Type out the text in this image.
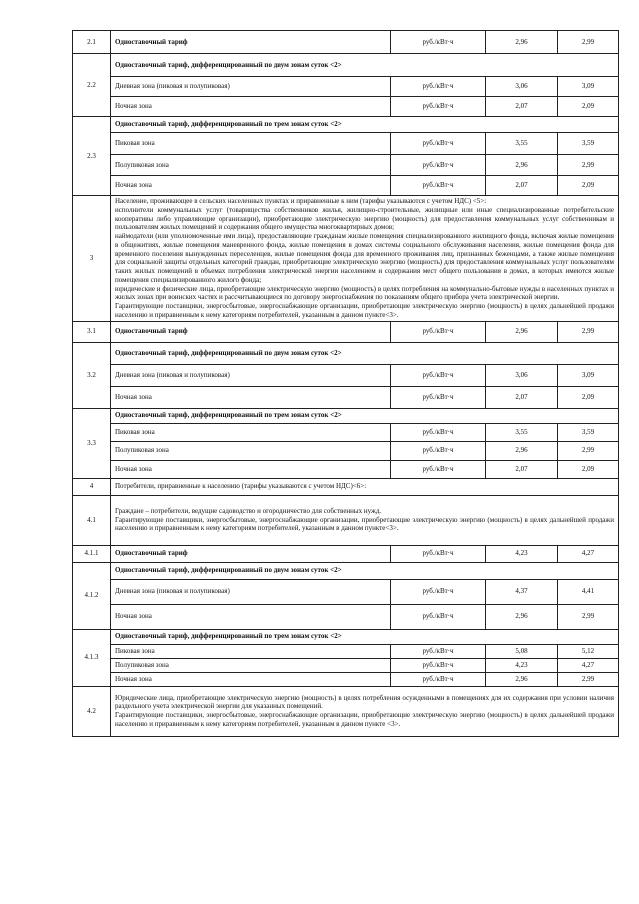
2.1	Одноставочный тариф	руб./кВт·ч	2,96	2,99
2.2	Одноставочный тариф, дифференцированный по двум зонам суток <2>			
	Дневная зона (пиковая и полупиковая)	руб./кВт·ч	3,06	3,09
	Ночная зона	руб./кВт·ч	2,07	2,09
2.3	Одноставочный тариф, дифференцированный по трем зонам суток <2>			
	Пиковая зона	руб./кВт·ч	3,55	3,59
	Полупиковая зона	руб./кВт·ч	2,96	2,99
	Ночная зона	руб./кВт·ч	2,07	2,09
3	Население, проживающее в сельских населенных пунктах и приравненные к ним (тарифы указываются с учетом НДС) <5>:

исполнители коммунальных услуг (товарищества собственников жилья, жилищно-строительные, жилищные или иные специализированные потребительские кооперативы либо управляющие организации), приобретающие электрическую энергию (мощность) для предоставления коммунальных услуг собственникам и пользователям жилых помещений и содержания общего имущества многоквартирных домов;

наймодатели (или уполномоченные ими лица), предоставляющие гражданам жилые помещения специализированного жилищного фонда, включая жилые помещения в общежитиях, жилые помещения маневренного фонда, жилые помещения в домах системы социального обслуживания населения, жилые помещения фонда для временного поселения вынужденных переселенцев, жилые помещения фонда для временного проживания лиц, признанных беженцами, а также жилые помещения для социальной защиты отдельных категорий граждан, приобретающие электрическую энергию (мощность) для предоставления коммунальных услуг пользователям таких жилых помещений в объемах потребления электрической энергии населением и содержания мест общего пользования в домах, в которых имеются жилые помещения специализированного жилого фонда;

юридические и физические лица, приобретающие электрическую энергию (мощность) в целях потребления на коммунально-бытовые нужды в населенных пунктах и жилых зонах при воинских частях и рассчитывающиеся по договору энергоснабжения по показаниям общего прибора учета электрической энергии.

Гарантирующие поставщики, энергосбытовые, энергоснабжающие организации, приобретающие электрическую энергию (мощность) в целях дальнейшей продажи населению и приравненным к нему категориям потребителей, указанным в данном пункте<3>.			

3.1	Одноставочный тариф	руб./кВт·ч	2,96	2,99
3.2	Одноставочный тариф, дифференцированный по двум зонам суток <2>			
	Дневная зона (пиковая и полупиковая)	руб./кВт·ч	3,06	3,09
	Ночная зона	руб./кВт·ч	2,07	2,09
3.3	Одноставочный тариф, дифференцированный по трем зонам суток <2>			
	Пиковая зона	руб./кВт·ч	3,55	3,59
	Полупиковая зона	руб./кВт·ч	2,96	2,99
	Ночная зона	руб./кВт·ч	2,07	2,09
4	Потребители, приравненные к населению (тарифы указываются с учетом НДС)<6>:			
4.1	Граждане – потребители, ведущие садоводство и огородничество для собственных нужд.

Гарантирующие поставщики, энергосбытовые, энергоснабжающие организации, приобретающие электрическую энергию (мощность) в целях дальнейшей продажи населению и приравненным к нему категориям потребителей, указанным в данном пункте<3>.			

4.1.1	Одноставочный тариф	руб./кВт·ч	4,23	4,27
4.1.2	Одноставочный тариф, дифференцированный по двум зонам суток <2>			
	Дневная зона (пиковая и полупиковая)	руб./кВт·ч	4,37	4,41
	Ночная зона	руб./кВт·ч	2,96	2,99
4.1.3	Одноставочный тариф, дифференцированный по трем зонам суток <2>			
	Пиковая зона	руб./кВт·ч	5,08	5,12
	Полупиковая зона	руб./кВт·ч	4,23	4,27
	Ночная зона	руб./кВт·ч	2,96	2,99
4.2	Юридические лица, приобретающие электрическую энергию (мощность) в целях потребления осужденными в помещениях для их содержания при условии наличия раздельного учета электрической энергии для указанных помещений.

Гарантирующие поставщики, энергосбытовые, энергоснабжающие организации, приобретающие электрическую энергию (мощность) в целях дальнейшей продажи населению и приравненным к нему категориям потребителей, указанным в данном пункте <3>.			
